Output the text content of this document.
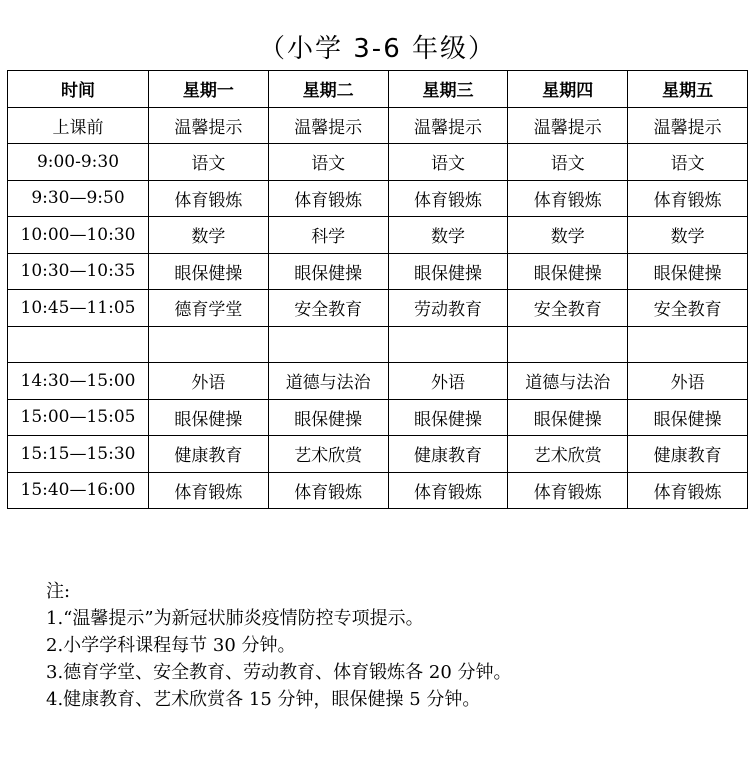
（小学 3-6 年级）
时间	星期一	星期二	星期三	星期四	星期五
上课前	温馨提示	温馨提示	温馨提示	温馨提示	温馨提示
9:00-9:30	语文	语文	语文	语文	语文
9:30—9:50	体育锻炼	体育锻炼	体育锻炼	体育锻炼	体育锻炼
10:00—10:30	数学	科学	数学	数学	数学
10:30—10:35	眼保健操	眼保健操	眼保健操	眼保健操	眼保健操
10:45—11:05	德育学堂	安全教育	劳动教育	安全教育	安全教育

14:30—15:00	外语	道德与法治	外语	道德与法治	外语
15:00—15:05	眼保健操	眼保健操	眼保健操	眼保健操	眼保健操
15:15—15:30	健康教育	艺术欣赏	健康教育	艺术欣赏	健康教育
15:40—16:00	体育锻炼	体育锻炼	体育锻炼	体育锻炼	体育锻炼
注:
1.“温馨提示”为新冠状肺炎疫情防控专项提示。
2.小学学科课程每节 30 分钟。
3.德育学堂、安全教育、劳动教育、体育锻炼各 20 分钟。
4.健康教育、艺术欣赏各 15 分钟，眼保健操 5 分钟。
